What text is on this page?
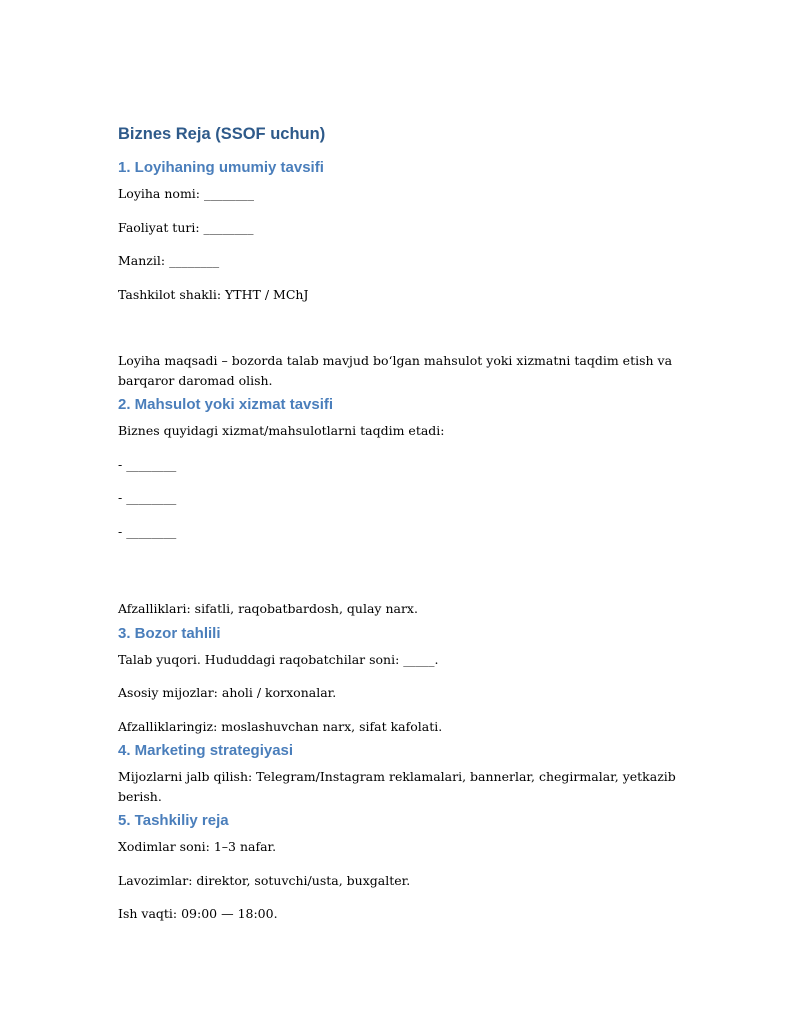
Biznes Reja (SSOF uchun)
1. Loyihaning umumiy tavsifi

Loyiha nomi: ________

Faoliyat turi: ________

Manzil: ________

Tashkilot shakli: YTHT / MChJ

Loyiha maqsadi – bozorda talab mavjud bo‘lgan mahsulot yoki xizmatni taqdim etish va barqaror daromad olish.

2. Mahsulot yoki xizmat tavsifi

Biznes quyidagi xizmat/mahsulotlarni taqdim etadi:

- ________

- ________

- ________

Afzalliklari: sifatli, raqobatbardosh, qulay narx.

3. Bozor tahlili

Talab yuqori. Hududdagi raqobatchilar soni: _____.

Asosiy mijozlar: aholi / korxonalar.

Afzalliklaringiz: moslashuvchan narx, sifat kafolati.

4. Marketing strategiyasi

Mijozlarni jalb qilish: Telegram/Instagram reklamalari, bannerlar, chegirmalar, yetkazib berish.

5. Tashkiliy reja

Xodimlar soni: 1–3 nafar.

Lavozimlar: direktor, sotuvchi/usta, buxgalter.

Ish vaqti: 09:00 — 18:00.
